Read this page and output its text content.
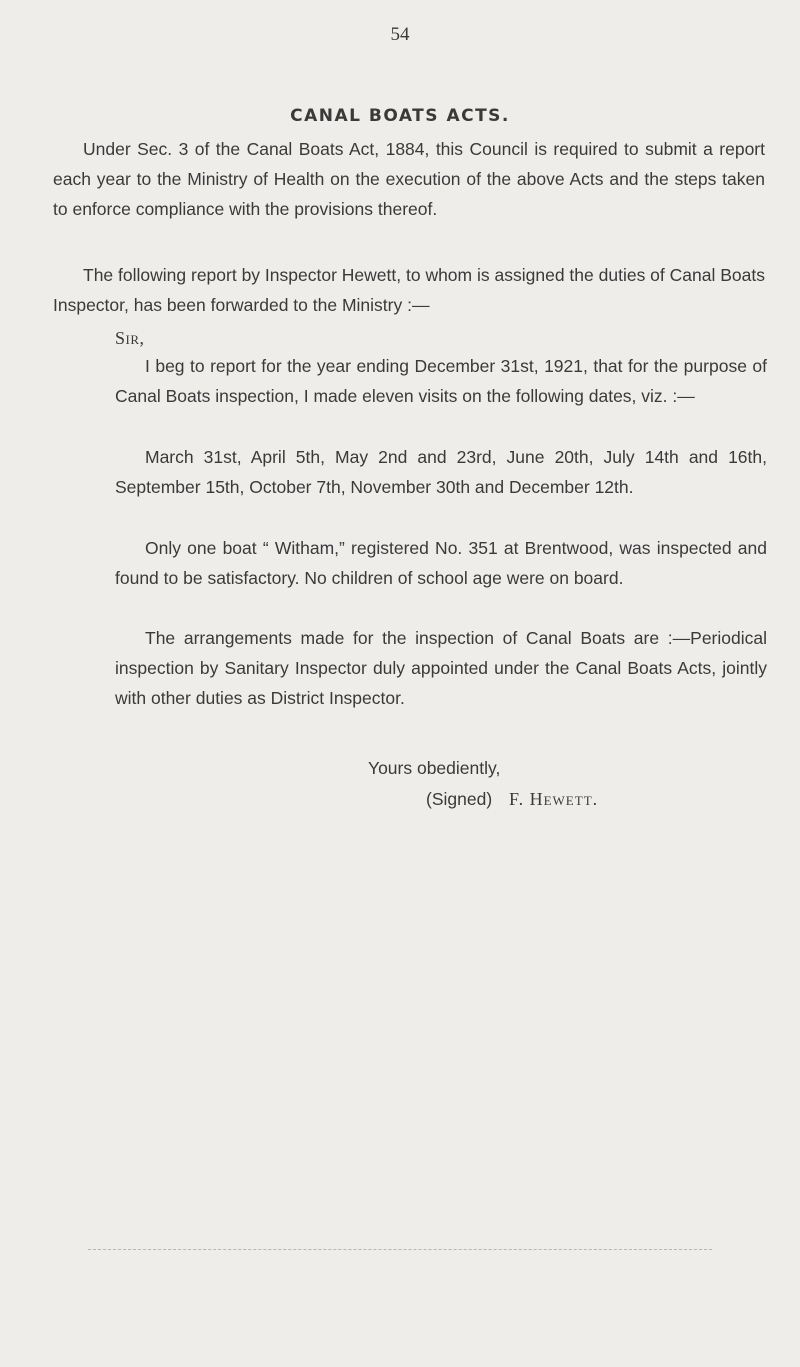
54
CANAL BOATS ACTS.

Under Sec. 3 of the Canal Boats Act, 1884, this Council is required to submit a report each year to the Ministry of Health on the execution of the above Acts and the steps taken to enforce compliance with the provisions thereof.

The following report by Inspector Hewett, to whom is assigned the duties of Canal Boats Inspector, has been forwarded to the Ministry :—

Sir,

I beg to report for the year ending December 31st, 1921, that for the purpose of Canal Boats inspection, I made eleven visits on the following dates, viz. :—

March 31st, April 5th, May 2nd and 23rd, June 20th, July 14th and 16th, September 15th, October 7th, November 30th and December 12th.

Only one boat “ Witham,” registered No. 351 at Brentwood, was inspected and found to be satisfactory. No children of school age were on board.

The arrangements made for the inspection of Canal Boats are :—Periodical inspection by Sanitary Inspector duly appointed under the Canal Boats Acts, jointly with other duties as District Inspector.

Yours obediently,
(Signed) F. Hewett.
